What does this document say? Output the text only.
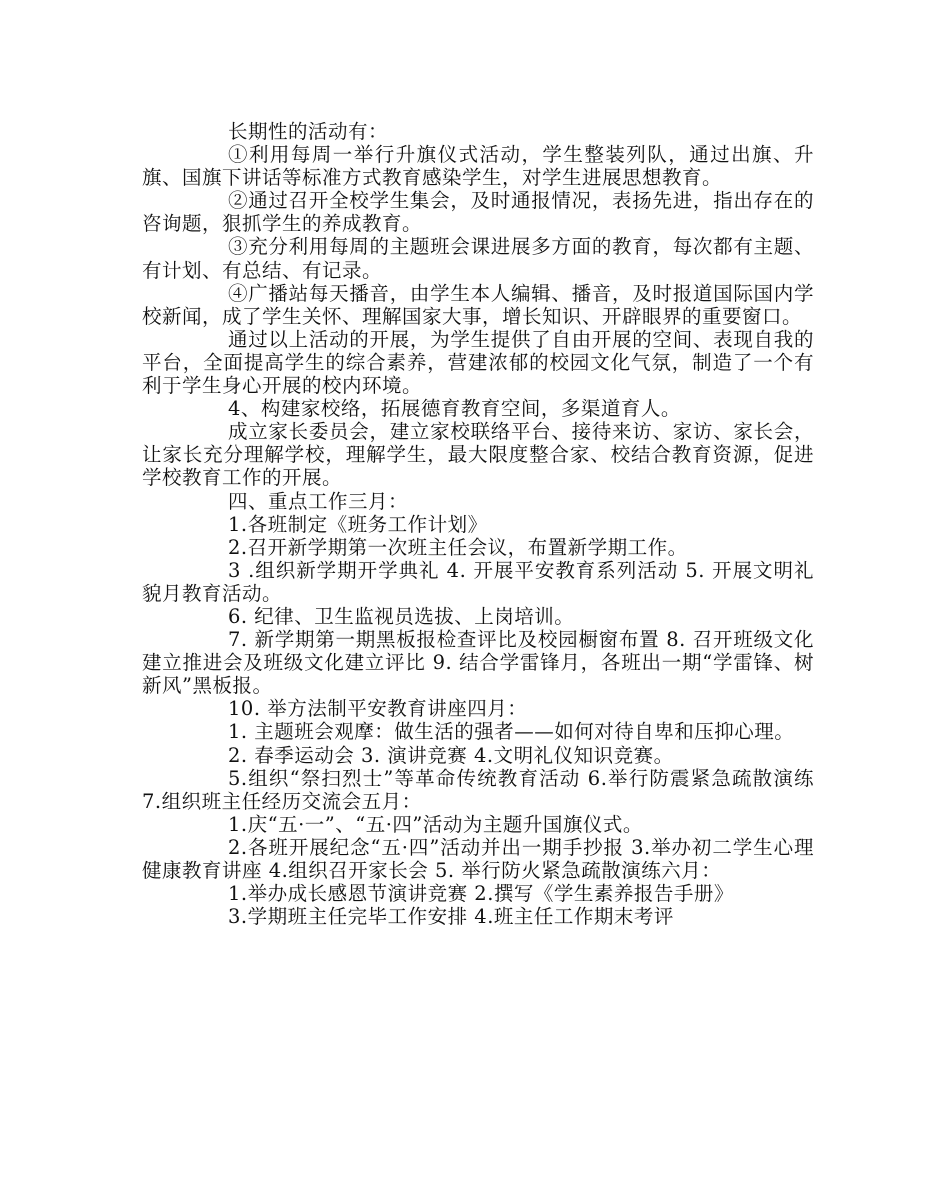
长期性的活动有：

①利用每周一举行升旗仪式活动，学生整装列队，通过出旗、升旗、国旗下讲话等标准方式教育感染学生，对学生进展思想教育。

②通过召开全校学生集会，及时通报情况，表扬先进，指出存在的咨询题，狠抓学生的养成教育。

③充分利用每周的主题班会课进展多方面的教育，每次都有主题、有计划、有总结、有记录。

④广播站每天播音，由学生本人编辑、播音，及时报道国际国内学校新闻，成了学生关怀、理解国家大事，增长知识、开辟眼界的重要窗口。

通过以上活动的开展，为学生提供了自由开展的空间、表现自我的平台，全面提高学生的综合素养，营建浓郁的校园文化气氛，制造了一个有利于学生身心开展的校内环境。

4、构建家校络，拓展德育教育空间，多渠道育人。

成立家长委员会，建立家校联络平台、接待来访、家访、家长会，让家长充分理解学校，理解学生，最大限度整合家、校结合教育资源，促进学校教育工作的开展。

四、重点工作三月：

1.各班制定《班务工作计划》

2.召开新学期第一次班主任会议，布置新学期工作。

3 .组织新学期开学典礼 4. 开展平安教育系列活动 5. 开展文明礼貌月教育活动。

6. 纪律、卫生监视员选拔、上岗培训。

7. 新学期第一期黑板报检查评比及校园橱窗布置 8. 召开班级文化建立推进会及班级文化建立评比 9. 结合学雷锋月，各班出一期“学雷锋、树新风”黑板报。

10. 举方法制平安教育讲座四月：

1. 主题班会观摩：做生活的强者——如何对待自卑和压抑心理。

2. 春季运动会 3. 演讲竞赛 4.文明礼仪知识竞赛。

5.组织“祭扫烈士”等革命传统教育活动 6.举行防震紧急疏散演练 7.组织班主任经历交流会五月：

1.庆“五·一”、“五·四”活动为主题升国旗仪式。

2.各班开展纪念“五·四”活动并出一期手抄报 3.举办初二学生心理健康教育讲座 4.组织召开家长会 5. 举行防火紧急疏散演练六月：

1.举办成长感恩节演讲竞赛 2.撰写《学生素养报告手册》

3.学期班主任完毕工作安排 4.班主任工作期末考评
